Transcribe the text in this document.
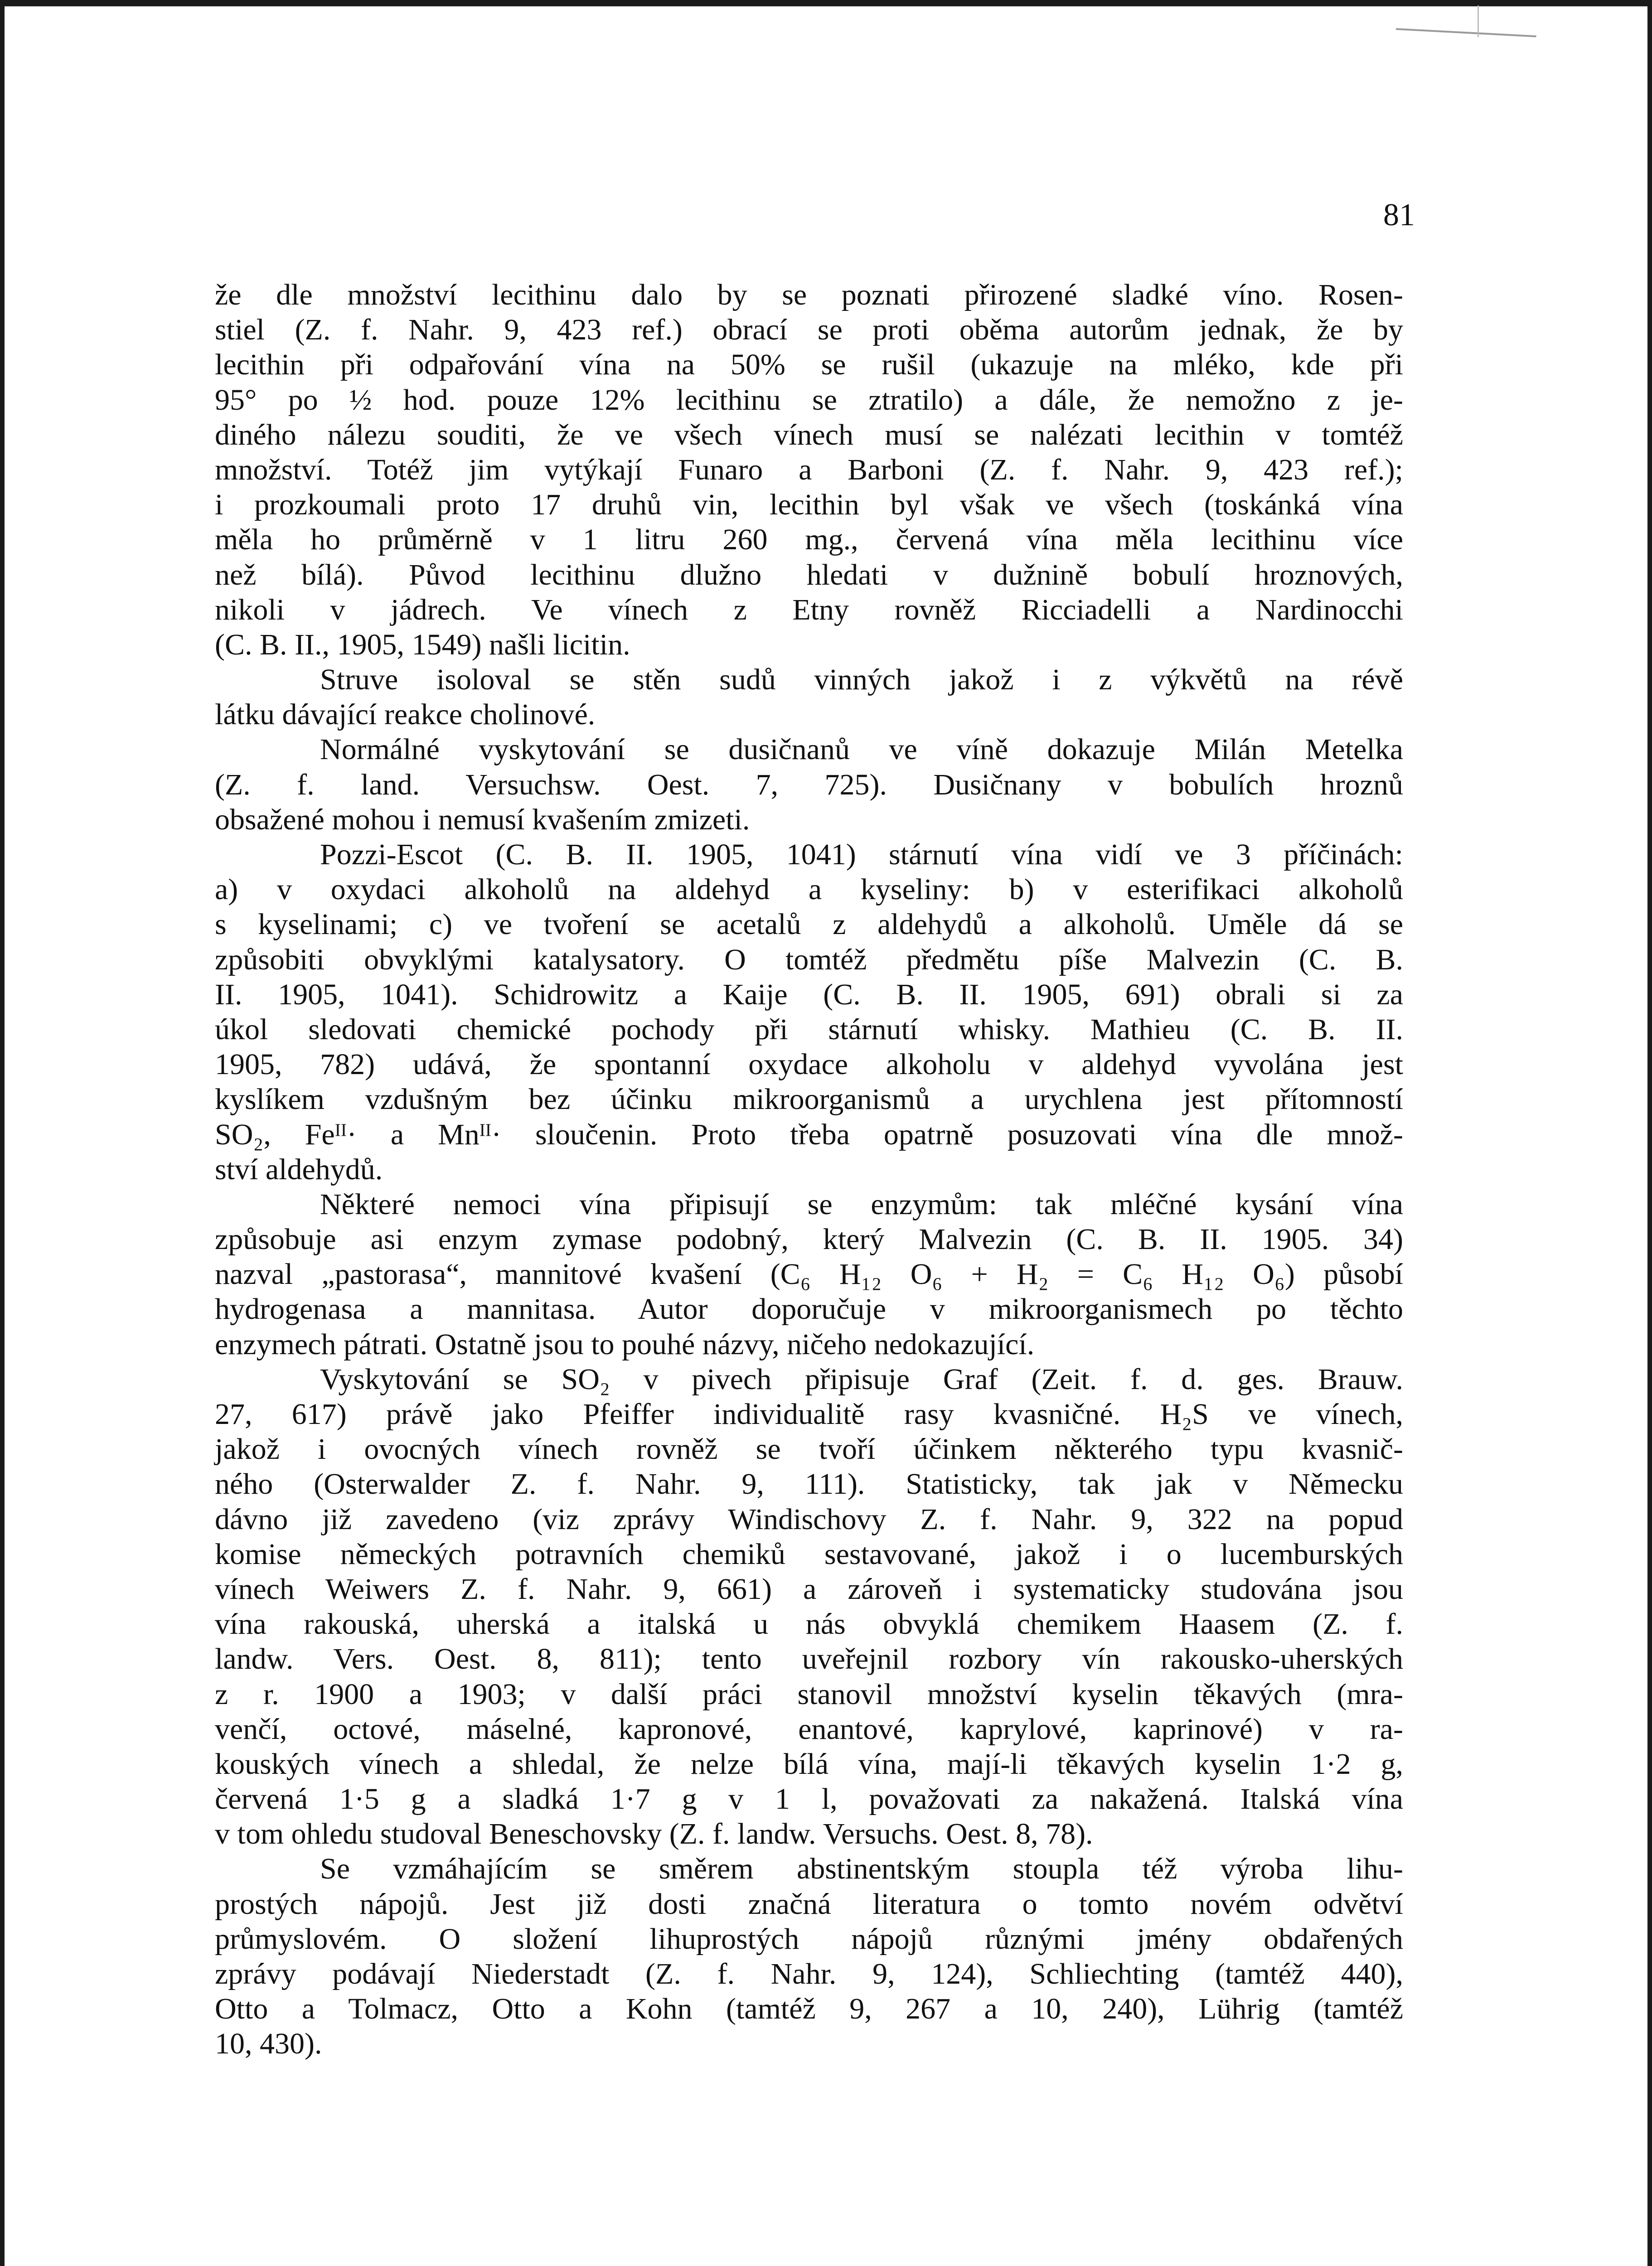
81
že dle množství lecithinu dalo by se poznati přirozené sladké víno. Rosen-
stiel (Z. f. Nahr. 9, 423 ref.) obrací se proti oběma autorům jednak, že by
lecithin při odpařování vína na 50% se rušil (ukazuje na mléko, kde při
95° po ½ hod. pouze 12% lecithinu se ztratilo) a dále, že nemožno z je-
diného nálezu souditi, že ve všech vínech musí se nalézati lecithin v tomtéž
množství. Totéž jim vytýkají Funaro a Barboni (Z. f. Nahr. 9, 423 ref.);
i prozkoumali proto 17 druhů vin, lecithin byl však ve všech (toskánká vína
měla ho průměrně v 1 litru 260 mg., červená vína měla lecithinu více
než bílá). Původ lecithinu dlužno hledati v dužnině bobulí hroznových,
nikoli v jádrech. Ve vínech z Etny rovněž Ricciadelli a Nardinocchi
(C. B. II., 1905, 1549) našli licitin.
Struve isoloval se stěn sudů vinných jakož i z výkvětů na révě
látku dávající reakce cholinové.
Normálné vyskytování se dusičnanů ve víně dokazuje Milán Metelka
(Z. f. land. Versuchsw. Oest. 7, 725). Dusičnany v bobulích hroznů
obsažené mohou i nemusí kvašením zmizeti.
Pozzi-Escot (C. B. II. 1905, 1041) stárnutí vína vidí ve 3 příčinách:
a) v oxydaci alkoholů na aldehyd a kyseliny: b) v esterifikaci alkoholů
s kyselinami; c) ve tvoření se acetalů z aldehydů a alkoholů. Uměle dá se
způsobiti obvyklými katalysatory. O tomtéž předmětu píše Malvezin (C. B.
II. 1905, 1041). Schidrowitz a Kaije (C. B. II. 1905, 691) obrali si za
úkol sledovati chemické pochody při stárnutí whisky. Mathieu (C. B. II.
1905, 782) udává, že spontanní oxydace alkoholu v aldehyd vyvolána jest
kyslíkem vzdušným bez účinku mikroorganismů a urychlena jest přítomností
SO₂, Feᴵᴵ· a Mnᴵᴵ· sloučenin. Proto třeba opatrně posuzovati vína dle množ-
ství aldehydů.
Některé nemoci vína připisují se enzymům: tak mléčné kysání vína
způsobuje asi enzym zymase podobný, který Malvezin (C. B. II. 1905. 34)
nazval „pastorasa“, mannitové kvašení (C₆ H₁₂ O₆ + H₂ = C₆ H₁₂ O₆) působí
hydrogenasa a mannitasa. Autor doporučuje v mikroorganismech po těchto
enzymech pátrati. Ostatně jsou to pouhé názvy, ničeho nedokazující.
Vyskytování se SO₂ v pivech připisuje Graf (Zeit. f. d. ges. Brauw.
27, 617) právě jako Pfeiffer individualitě rasy kvasničné. H₂S ve vínech,
jakož i ovocných vínech rovněž se tvoří účinkem některého typu kvasnič-
ného (Osterwalder Z. f. Nahr. 9, 111). Statisticky, tak jak v Německu
dávno již zavedeno (viz zprávy Windischovy Z. f. Nahr. 9, 322 na popud
komise německých potravních chemiků sestavované, jakož i o lucemburských
vínech Weiwers Z. f. Nahr. 9, 661) a zároveň i systematicky studována jsou
vína rakouská, uherská a italská u nás obvyklá chemikem Haasem (Z. f.
landw. Vers. Oest. 8, 811); tento uveřejnil rozbory vín rakousko-uherských
z r. 1900 a 1903; v další práci stanovil množství kyselin těkavých (mra-
venčí, octové, máselné, kapronové, enantové, kaprylové, kaprinové) v ra-
kouských vínech a shledal, že nelze bílá vína, mají-li těkavých kyselin 1·2 g,
červená 1·5 g a sladká 1·7 g v 1 l, považovati za nakažená. Italská vína
v tom ohledu studoval Beneschovsky (Z. f. landw. Versuchs. Oest. 8, 78).
Se vzmáhajícím se směrem abstinentským stoupla též výroba lihu-
prostých nápojů. Jest již dosti značná literatura o tomto novém odvětví
průmyslovém. O složení lihuprostých nápojů různými jmény obdařených
zprávy podávají Niederstadt (Z. f. Nahr. 9, 124), Schliechting (tamtéž 440),
Otto a Tolmacz, Otto a Kohn (tamtéž 9, 267 a 10, 240), Lührig (tamtéž
10, 430).
